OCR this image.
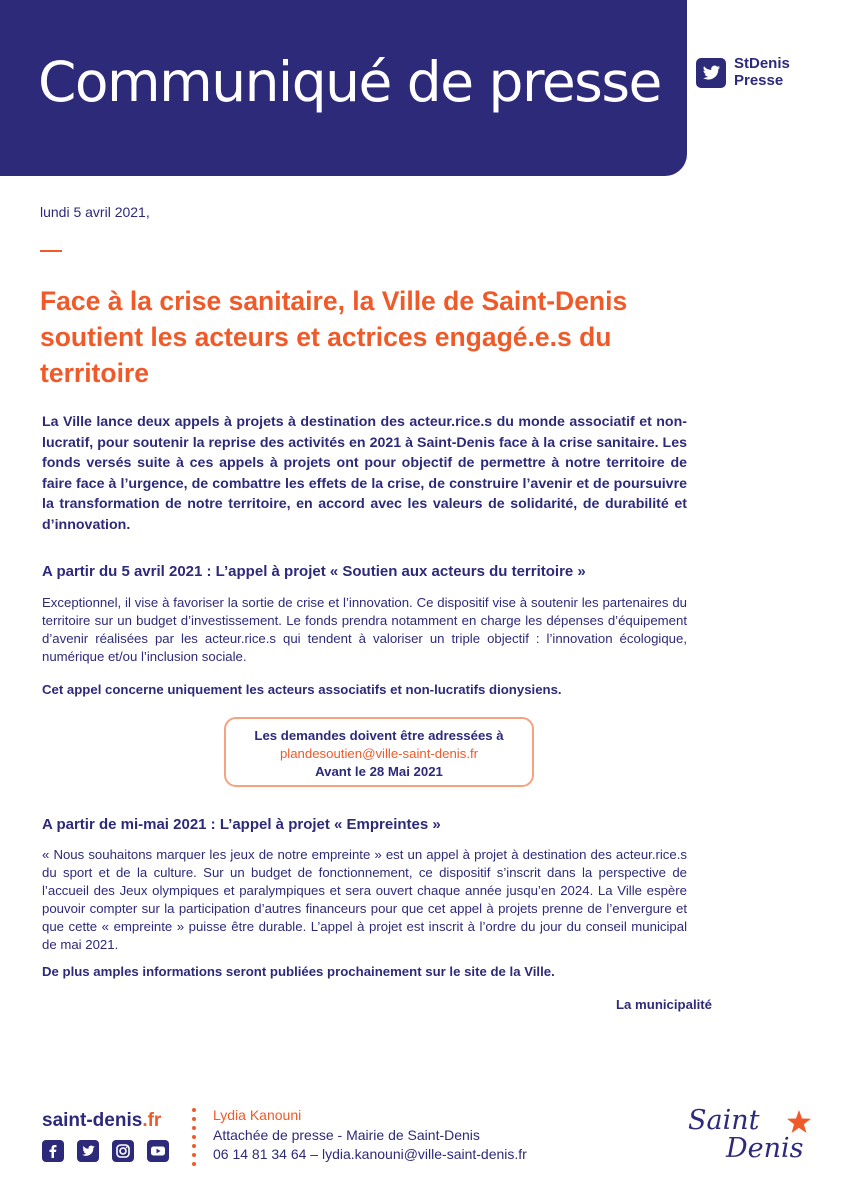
Communiqué de presse	StDenis
Presse
lundi 5 avril 2021,
Face à la crise sanitaire, la Ville de Saint-Denis soutient les acteurs et actrices engagé.e.s du territoire

La Ville lance deux appels à projets à destination des acteur.rice.s du monde associatif et non-lucratif, pour soutenir la reprise des activités en 2021 à Saint-Denis face à la crise sanitaire. Les fonds versés suite à ces appels à projets ont pour objectif de permettre à notre territoire de faire face à l’urgence, de combattre les effets de la crise, de construire l’avenir et de poursuivre la transformation de notre territoire, en accord avec les valeurs de solidarité, de durabilité et d’innovation.

A partir du 5 avril 2021 : L’appel à projet « Soutien aux acteurs du territoire »

Exceptionnel, il vise à favoriser la sortie de crise et l’innovation. Ce dispositif vise à soutenir les partenaires du territoire sur un budget d’investissement. Le fonds prendra notamment en charge les dépenses d’équipement d’avenir réalisées par les acteur.rice.s qui tendent à valoriser un triple objectif : l’innovation écologique, numérique et/ou l’inclusion sociale.

Cet appel concerne uniquement les acteurs associatifs et non-lucratifs dionysiens.

Les demandes doivent être adressées à
plandesoutien@ville-saint-denis.fr
Avant le 28 Mai 2021
A partir de mi-mai 2021 : L’appel à projet « Empreintes »

« Nous souhaitons marquer les jeux de notre empreinte » est un appel à projet à destination des acteur.rice.s du sport et de la culture. Sur un budget de fonctionnement, ce dispositif s’inscrit dans la perspective de l’accueil des Jeux olympiques et paralympiques et sera ouvert chaque année jusqu’en 2024. La Ville espère pouvoir compter sur la participation d’autres financeurs pour que cet appel à projets prenne de l’envergure et que cette « empreinte » puisse être durable. L’appel à projet est inscrit à l’ordre du jour du conseil municipal de mai 2021.

De plus amples informations seront publiées prochainement sur le site de la Ville.

La municipalité
saint-denis.fr	Lydia Kanouni
Attachée de presse - Mairie de Saint-Denis
06 14 81 34 64 – lydia.kanouni@ville-saint-denis.fr
Saint
Denis
